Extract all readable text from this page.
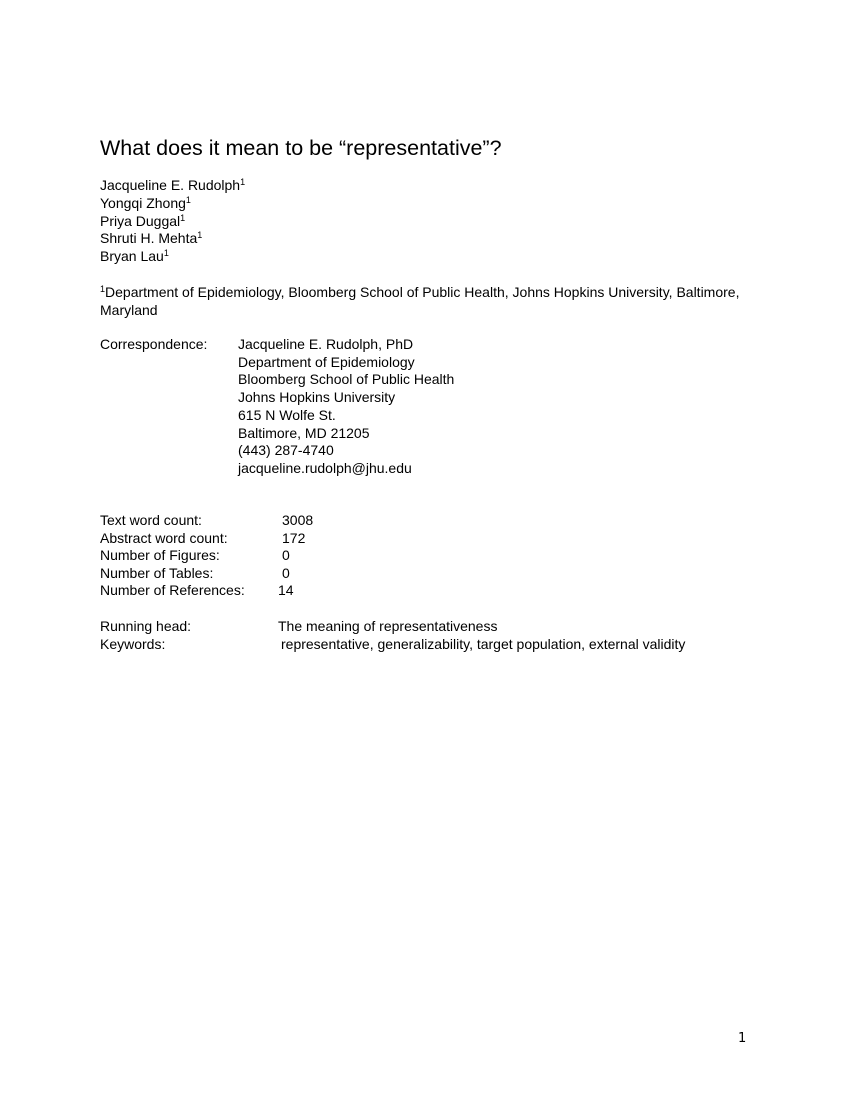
What does it mean to be “representative”?
Jacqueline E. Rudolph$^1$
Yongqi Zhong$^1$
Priya Duggal$^1$
Shruti H. Mehta$^1$
Bryan Lau$^1$
$^1$Department of Epidemiology, Bloomberg School of Public Health, Johns Hopkins University, Baltimore, Maryland
Correspondence: Jacqueline E. Rudolph, PhD
Department of Epidemiology
Bloomberg School of Public Health
Johns Hopkins University
615 N Wolfe St.
Baltimore, MD 21205
(443) 287-4740
jacqueline.rudolph@jhu.edu
Text word count:	3008
Abstract word count:	172
Number of Figures:	0
Number of Tables:	0
Number of References: 14
Running head:	The meaning of representativeness
Keywords:	representative, generalizability, target population, external validity
1
